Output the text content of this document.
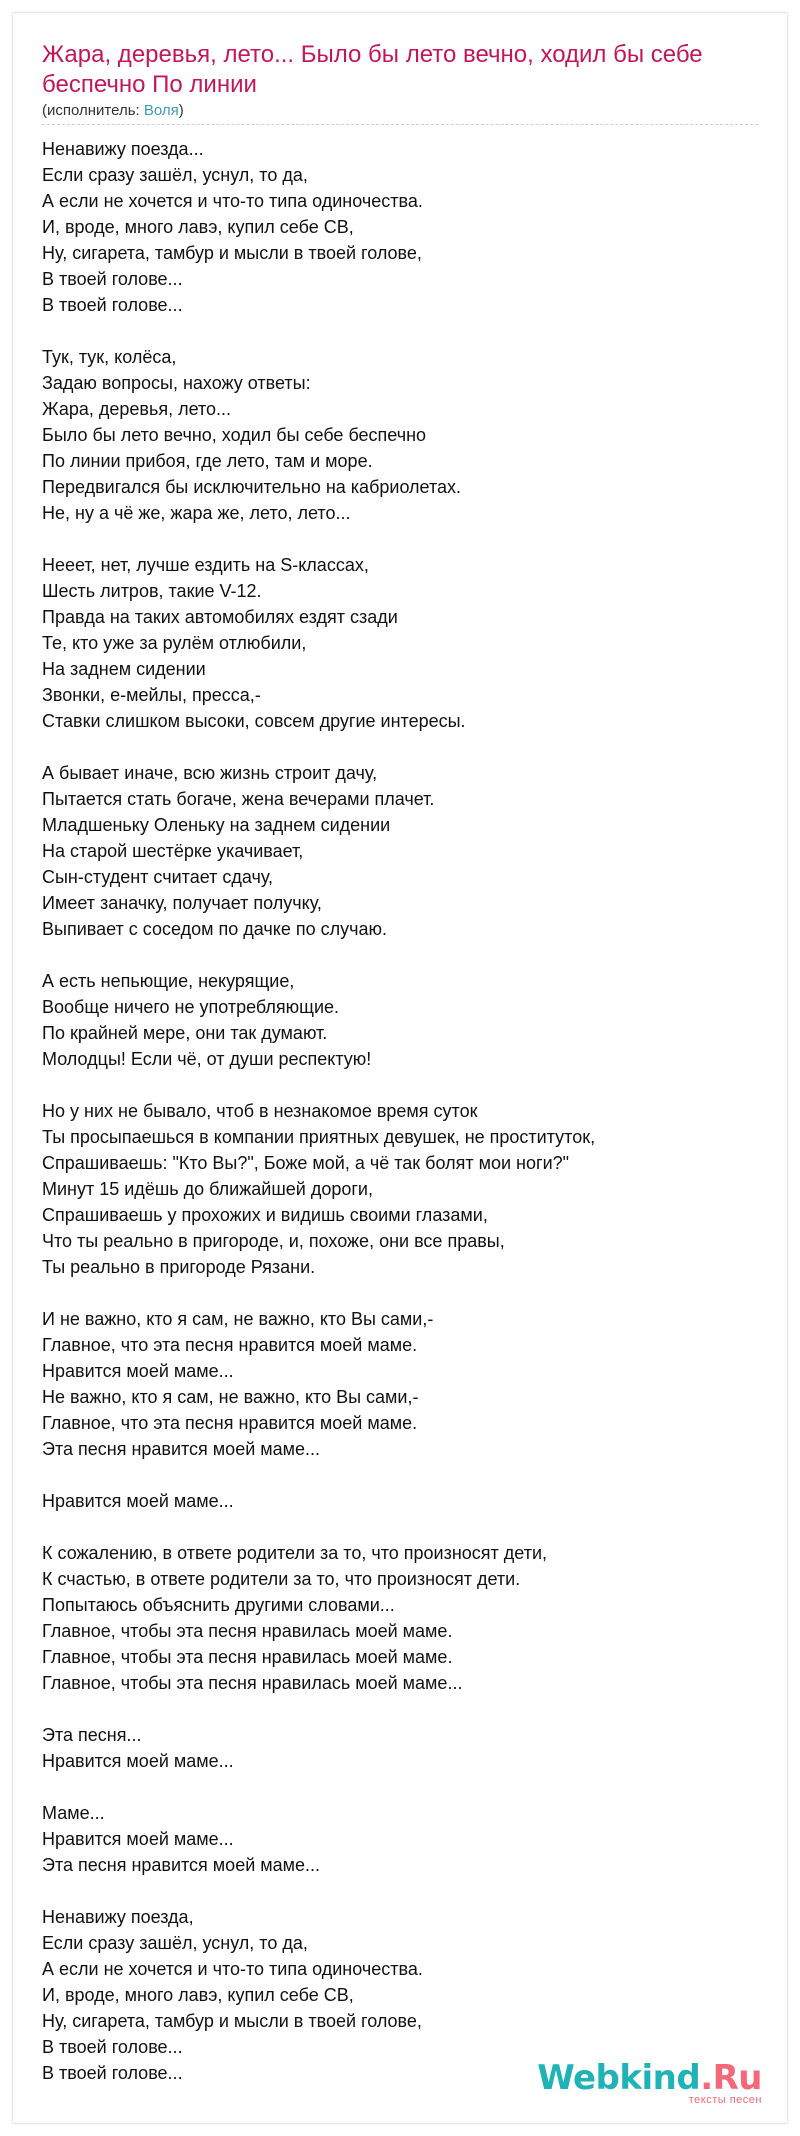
Жара, деревья, лето... Было бы лето вечно, ходил бы себе беспечно По линии
(исполнитель: Воля)
Ненавижу поезда...
Если сразу зашёл, уснул, то да,
А если не хочется и что-то типа одиночества.
И, вроде, много лавэ, купил себе СВ,
Ну, сигарета, тамбур и мысли в твоей голове,
В твоей голове...
В твоей голове...
Тук, тук, колёса,
Задаю вопросы, нахожу ответы:
Жара, деревья, лето...
Было бы лето вечно, ходил бы себе беспечно
По линии прибоя, где лето, там и море.
Передвигался бы исключительно на кабриолетах.
Не, ну а чё же, жара же, лето, лето...
Нееет, нет, лучше ездить на S-классах,
Шесть литров, такие V-12.
Правда на таких автомобилях ездят сзади
Те, кто уже за рулём отлюбили,
На заднем сидении
Звонки, е-мейлы, пресса,-
Ставки слишком высоки, совсем другие интересы.
А бывает иначе, всю жизнь строит дачу,
Пытается стать богаче, жена вечерами плачет.
Младшеньку Оленьку на заднем сидении
На старой шестёрке укачивает,
Сын-студент считает сдачу,
Имеет заначку, получает получку,
Выпивает с соседом по дачке по случаю.
А есть непьющие, некурящие,
Вообще ничего не употребляющие.
По крайней мере, они так думают.
Молодцы! Если чё, от души респектую!
Но у них не бывало, чтоб в незнакомое время суток
Ты просыпаешься в компании приятных девушек, не проституток,
Спрашиваешь: "Кто Вы?", Боже мой, а чё так болят мои ноги?"
Минут 15 идёшь до ближайшей дороги,
Спрашиваешь у прохожих и видишь своими глазами,
Что ты реально в пригороде, и, похоже, они все правы,
Ты реально в пригороде Рязани.
И не важно, кто я сам, не важно, кто Вы сами,-
Главное, что эта песня нравится моей маме.
Нравится моей маме...
Не важно, кто я сам, не важно, кто Вы сами,-
Главное, что эта песня нравится моей маме.
Эта песня нравится моей маме...
Нравится моей маме...
К сожалению, в ответе родители за то, что произносят дети,
К счастью, в ответе родители за то, что произносят дети.
Попытаюсь объяснить другими словами...
Главное, чтобы эта песня нравилась моей маме.
Главное, чтобы эта песня нравилась моей маме.
Главное, чтобы эта песня нравилась моей маме...
Эта песня...
Нравится моей маме...
Маме...
Нравится моей маме...
Эта песня нравится моей маме...
Ненавижу поезда,
Если сразу зашёл, уснул, то да,
А если не хочется и что-то типа одиночества.
И, вроде, много лавэ, купил себе СВ,
Ну, сигарета, тамбур и мысли в твоей голове,
В твоей голове...
В твоей голове...	Webkind.Ru
тексты песен
